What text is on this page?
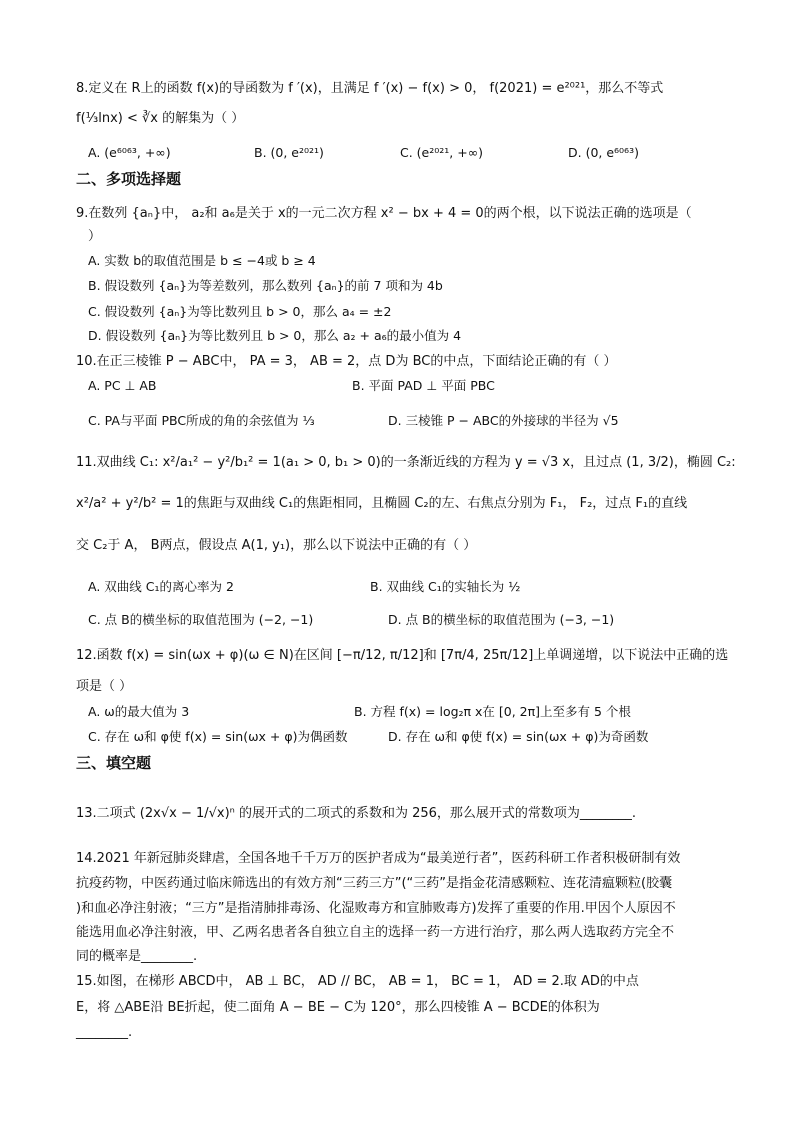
8.定义在 R上的函数 f(x)的导函数为 f ′(x)，且满足 f ′(x) − f(x) > 0， f(2021) = e²⁰²¹，那么不等式
f(⅓lnx) < ∛x 的解集为（ ）
A. (e⁶⁰⁶³, +∞)	B. (0, e²⁰²¹)	C. (e²⁰²¹, +∞)	D. (0, e⁶⁰⁶³)
二、多项选择题
9.在数列 {aₙ}中， a₂和 a₆是关于 x的一元二次方程 x² − bx + 4 = 0的两个根，以下说法正确的选项是（
）
A. 实数 b的取值范围是 b ≤ −4或 b ≥ 4
B. 假设数列 {aₙ}为等差数列，那么数列 {aₙ}的前 7 项和为 4b
C. 假设数列 {aₙ}为等比数列且 b > 0，那么 a₄ = ±2
D. 假设数列 {aₙ}为等比数列且 b > 0，那么 a₂ + a₆的最小值为 4
10.在正三棱锥 P − ABC中， PA = 3， AB = 2，点 D为 BC的中点，下面结论正确的有（ ）
A. PC ⊥ AB	B. 平面 PAD ⊥ 平面 PBC
C. PA与平面 PBC所成的角的余弦值为 ⅓	D. 三棱锥 P − ABC的外接球的半径为 √5
11.双曲线 C₁: x²/a₁² − y²/b₁² = 1(a₁ > 0, b₁ > 0)的一条渐近线的方程为 y = √3 x，且过点 (1, 3/2)，椭圆 C₂:
x²/a² + y²/b² = 1的焦距与双曲线 C₁的焦距相同，且椭圆 C₂的左、右焦点分别为 F₁， F₂，过点 F₁的直线
交 C₂于 A， B两点，假设点 A(1, y₁)，那么以下说法中正确的有（ ）
A. 双曲线 C₁的离心率为 2	B. 双曲线 C₁的实轴长为 ½
C. 点 B的横坐标的取值范围为 (−2, −1)	D. 点 B的横坐标的取值范围为 (−3, −1)
12.函数 f(x) = sin(ωx + φ)(ω ∈ N)在区间 [−π/12, π/12]和 [7π/4, 25π/12]上单调递增，以下说法中正确的选
项是（ ）
A. ω的最大值为 3	B. 方程 f(x) = log₂π x在 [0, 2π]上至多有 5 个根
C. 存在 ω和 φ使 f(x) = sin(ωx + φ)为偶函数	D. 存在 ω和 φ使 f(x) = sin(ωx + φ)为奇函数
三、填空题
13.二项式 (2x√x − 1/√x)ⁿ 的展开式的二项式的系数和为 256，那么展开式的常数项为________.
14.2021 年新冠肺炎肆虐，全国各地千千万万的医护者成为“最美逆行者”，医药科研工作者积极研制有效
抗疫药物，中医药通过临床筛选出的有效方剂“三药三方”(“三药”是指金花清感颗粒、连花清瘟颗粒(胶囊
)和血必净注射液；“三方”是指清肺排毒汤、化湿败毒方和宣肺败毒方)发挥了重要的作用.甲因个人原因不
能选用血必净注射液，甲、乙两名患者各自独立自主的选择一药一方进行治疗，那么两人选取药方完全不
同的概率是________.
15.如图，在梯形 ABCD中， AB ⊥ BC， AD // BC， AB = 1， BC = 1， AD = 2.取 AD的中点
E，将 △ABE沿 BE折起，使二面角 A − BE − C为 120°，那么四棱锥 A − BCDE的体积为
________.
